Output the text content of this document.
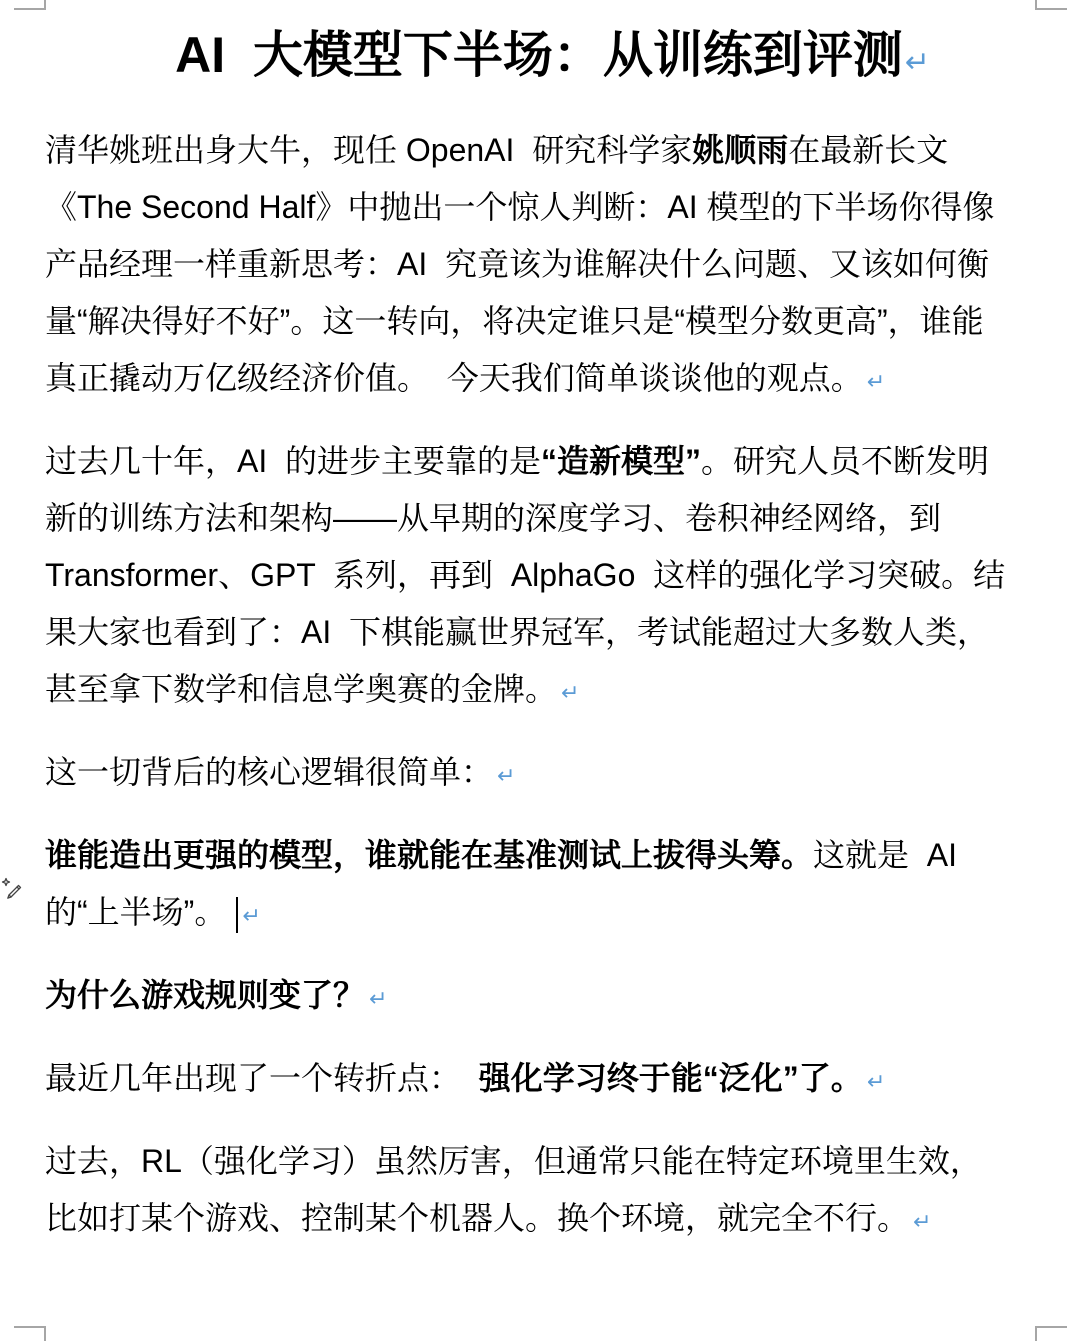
AI  大模型下半场：从训练到评测↵
清华姚班出身大牛，现任 OpenAI  研究科学家姚顺雨在最新长文
《The Second Half》中抛出一个惊人判断：AI 模型的下半场你得像
产品经理一样重新思考：AI  究竟该为谁解决什么问题、又该如何衡
量“解决得好不好”。这一转向，将决定谁只是“模型分数更高”，谁能
真正撬动万亿级经济价值。  今天我们简单谈谈他的观点。 ↵
过去几十年，AI  的进步主要靠的是“造新模型”。研究人员不断发明
新的训练方法和架构——从早期的深度学习、卷积神经网络，到
Transformer、GPT  系列，再到  AlphaGo  这样的强化学习突破。结
果大家也看到了：AI  下棋能赢世界冠军，考试能超过大多数人类，
甚至拿下数学和信息学奥赛的金牌。 ↵
这一切背后的核心逻辑很简单： ↵
谁能造出更强的模型，谁就能在基准测试上拔得头筹。这就是  AI
的“上半场”。 ↵
为什么游戏规则变了？ ↵
最近几年出现了一个转折点：  强化学习终于能“泛化”了。 ↵
过去，RL（强化学习）虽然厉害，但通常只能在特定环境里生效，
比如打某个游戏、控制某个机器人。换个环境，就完全不行。 ↵
